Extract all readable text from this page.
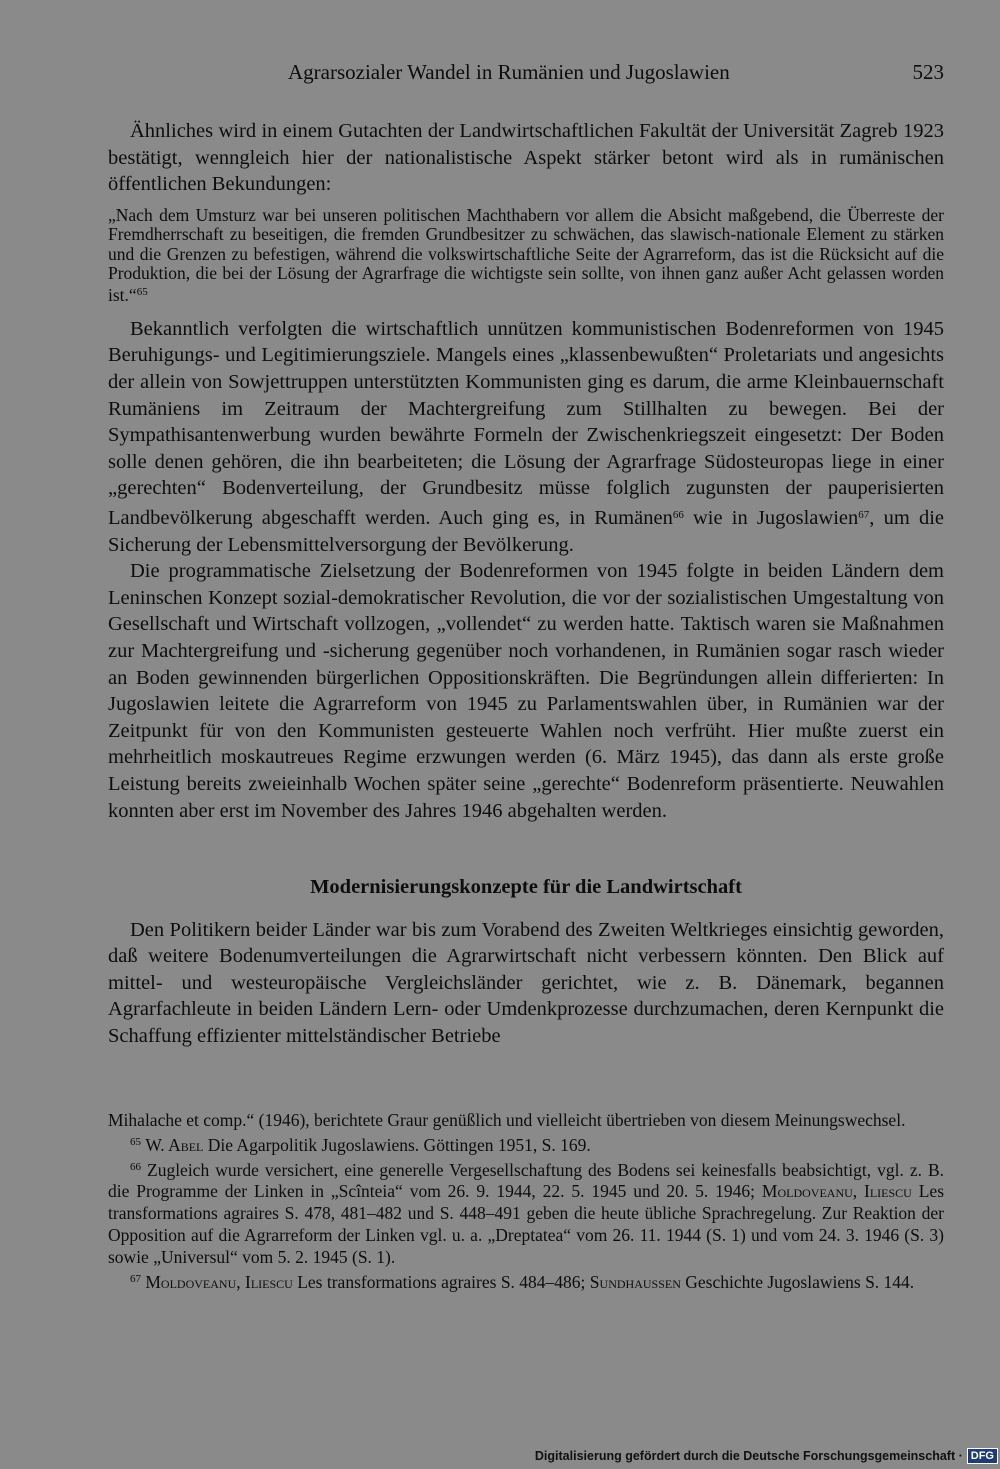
Agrarsozialer Wandel in Rumänien und Jugoslawien	523

Ähnliches wird in einem Gutachten der Landwirtschaftlichen Fakultät der Universität Zagreb 1923 bestätigt, wenngleich hier der nationalistische Aspekt stärker betont wird als in rumänischen öffentlichen Bekundungen:

„Nach dem Umsturz war bei unseren politischen Machthabern vor allem die Absicht maßgebend, die Überreste der Fremdherrschaft zu beseitigen, die fremden Grundbesitzer zu schwächen, das slawisch-nationale Element zu stärken und die Grenzen zu befestigen, während die volkswirtschaftliche Seite der Agrarreform, das ist die Rücksicht auf die Produktion, die bei der Lösung der Agrarfrage die wichtigste sein sollte, von ihnen ganz außer Acht gelassen worden ist.“$^{65}$

Bekanntlich verfolgten die wirtschaftlich unnützen kommunistischen Bodenreformen von 1945 Beruhigungs- und Legitimierungsziele. Mangels eines „klassenbewußten“ Proletariats und angesichts der allein von Sowjettruppen unterstützten Kommunisten ging es darum, die arme Kleinbauernschaft Rumäniens im Zeitraum der Machtergreifung zum Stillhalten zu bewegen. Bei der Sympathisantenwerbung wurden bewährte Formeln der Zwischenkriegszeit eingesetzt: Der Boden solle denen gehören, die ihn bearbeiteten; die Lösung der Agrarfrage Südosteuropas liege in einer „gerechten“ Bodenverteilung, der Grundbesitz müsse folglich zugunsten der pauperisierten Landbevölkerung abgeschafft werden. Auch ging es, in Rumänen$^{66}$ wie in Jugoslawien$^{67}$, um die Sicherung der Lebensmittelversorgung der Bevölkerung.

Die programmatische Zielsetzung der Bodenreformen von 1945 folgte in beiden Ländern dem Leninschen Konzept sozial-demokratischer Revolution, die vor der sozialistischen Umgestaltung von Gesellschaft und Wirtschaft vollzogen, „vollendet“ zu werden hatte. Taktisch waren sie Maßnahmen zur Machtergreifung und -sicherung gegenüber noch vorhandenen, in Rumänien sogar rasch wieder an Boden gewinnenden bürgerlichen Oppositionskräften. Die Begründungen allein differierten: In Jugoslawien leitete die Agrarreform von 1945 zu Parlamentswahlen über, in Rumänien war der Zeitpunkt für von den Kommunisten gesteuerte Wahlen noch verfrüht. Hier mußte zuerst ein mehrheitlich moskautreues Regime erzwungen werden (6. März 1945), das dann als erste große Leistung bereits zweieinhalb Wochen später seine „gerechte“ Bodenreform präsentierte. Neuwahlen konnten aber erst im November des Jahres 1946 abgehalten werden.

Modernisierungskonzepte für die Landwirtschaft

Den Politikern beider Länder war bis zum Vorabend des Zweiten Weltkrieges einsichtig geworden, daß weitere Bodenumverteilungen die Agrarwirtschaft nicht verbessern könnten. Den Blick auf mittel- und westeuropäische Vergleichsländer gerichtet, wie z. B. Dänemark, begannen Agrarfachleute in beiden Ländern Lern- oder Umdenkprozesse durchzumachen, deren Kernpunkt die Schaffung effizienter mittelständischer Betriebe

Mihalache et comp.“ (1946), berichtete Graur genüßlich und vielleicht übertrieben von diesem Meinungswechsel.

$^{65}$ W. Abel Die Agarpolitik Jugoslawiens. Göttingen 1951, S. 169.

$^{66}$ Zugleich wurde versichert, eine generelle Vergesellschaftung des Bodens sei keinesfalls beabsichtigt, vgl. z. B. die Programme der Linken in „Scînteia“ vom 26. 9. 1944, 22. 5. 1945 und 20. 5. 1946; Moldoveanu, Iliescu Les transformations agraires S. 478, 481–482 und S. 448–491 geben die heute übliche Sprachregelung. Zur Reaktion der Opposition auf die Agrarreform der Linken vgl. u. a. „Dreptatea“ vom 26. 11. 1944 (S. 1) und vom 24. 3. 1946 (S. 3) sowie „Universul“ vom 5. 2. 1945 (S. 1).

$^{67}$ Moldoveanu, Iliescu Les transformations agraires S. 484–486; Sundhaussen Geschichte Jugoslawiens S. 144.

Digitalisierung gefördert durch die Deutsche Forschungsgemeinschaft · DFG
